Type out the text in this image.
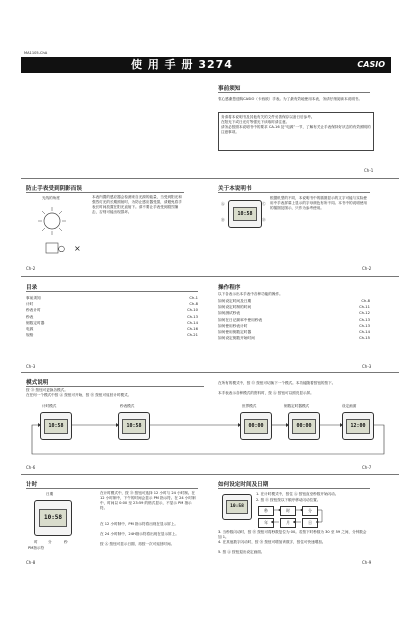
MA1105-ChA
使 用 手 册 3274	CASIO
事前须知
衷心感谢您选购CASIO（卡西欧）手表。为了最有效地使用本表，务请仔细阅读本说明书。
务请将本说明书及其他有关的文件妥善保存以备日后参考。
在阳光下或日光灯等强光下读取时请注意。
请务必按照本说明书中的要求 CA-16 及“电源”一节，了解有关让手表保持好状态的有效照明的注意事项。
Ch-1
防止手表受到阴影而误
光线的角度
○ ×
本表内置的感应器会检测来自光源的能量，当受到阳光和强烈灯光的长期照射时，为防止感应器受损，请避免将手表长时间放置在阳光直射下。请不要让手表受到剧烈撞击，否则可能出现损坏。
Ch-2
关于本说明书
10:58
Ⓐ
Ⓑ
Ⓒ
Ⓓ
根据机型的不同，本说明书中的插图显示的文字可能与实际使用中手表屏幕上显示的字母颜色有所不同。本书中的说明使用的插图及图示，只作为参考使用。
Ch-2
目录
事前须知	Ch-1
计时	Ch-8
秒表计时	Ch-10
秒表	Ch-13
倒数定时器	Ch-14
电源	Ch-16
规格	Ch-21
Ch-3
操作程序
以下各表示出本手表中各种功能的操作。
如何设定时间及日期	Ch-8
如何设定时制的时间	Ch-11
如何测试秒表	Ch-12
如何在日记频率中使用秒表	Ch-13
如何使用秒表计时	Ch-13
如何使用倒数定时器	Ch-14
如何设定倒数开始时间	Ch-15
Ch-3
模式说明
按 Ⓓ 按钮可更换各模式。
在任何一个模式中按 Ⓐ 按钮可开始，按 Ⓑ 按钮可返回计时模式。
在所有的模式中，按 Ⓓ 按钮可切换下一个模式。本功能随着按钮的按下。
本手表表示各种模式的资料时，按 Ⓐ 按钮可以照亮显示屏。
计时模式	秒表模式	世界模式	倒数定时器模式	设定画面
10:58	10:58	00:00	00:00	12:00
Ch-6	Ch-7
计时
日期
10:58
时	分	秒
PM指示符
在计时模式中，按 Ⓓ 按钮可选择 12 小时与 24 小时制。在 12 小时制中，下午的时间会显示 PM 指示符。在 24 小时制中，时间以 0:00 至 23:59 的格式显示，不显示 PM 指示符。
在 12 小时制中，PM 指示符将出现在显示屏上。
在 24 小时制中，24H指示符将出现在显示屏上。
按 Ⓐ 按钮可显示日期，再按一次可返回时间。
Ch-8
如何设定时间及日期
10:58
1. 在计时模式中，按住 Ⓐ 按钮直至秒数开始闪动。
2. 按 Ⓓ 按钮按以下顺序移动闪动位置。
秒	时	分
年	月	日
3. 当秒数闪动时，按 Ⓑ 按钮可将秒数复位为 00。若按下时秒数为 30 至 59 之间，分钟数会加 1。
4. 在其他数字闪动时，按 Ⓑ 按钮可增加该数字，按住可快速增加。
5. 按 Ⓐ 按钮退出设定画面。
Ch-9
